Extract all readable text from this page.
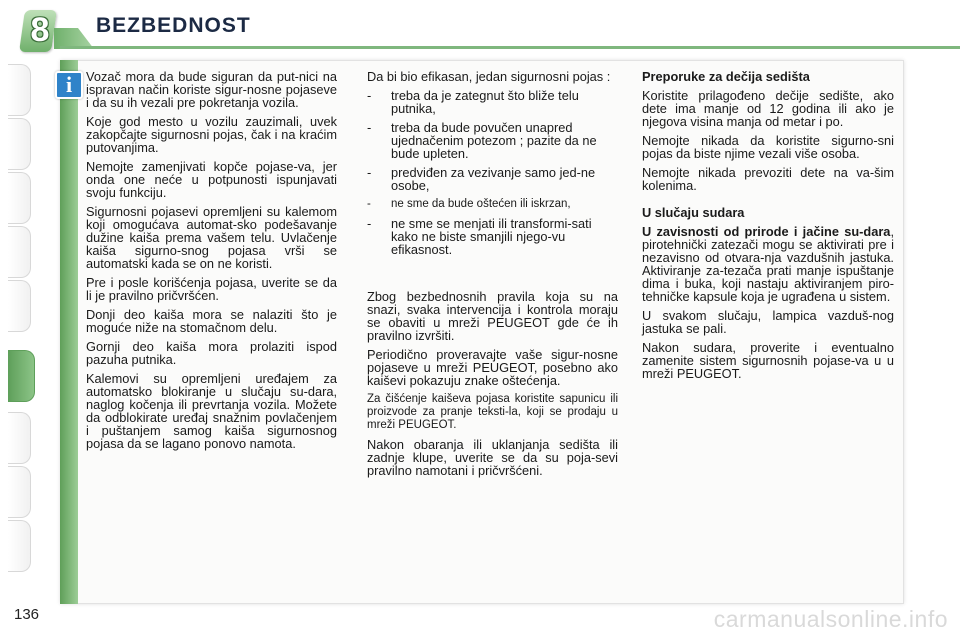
8 BEZBEDNOST
i	Vozač mora da bude siguran da put-nici na ispravan način koriste sigur-nosne pojaseve i da su ih vezali pre pokretanja vozila.

Koje god mesto u vozilu zauzimali, uvek zakopčajte sigurnosni pojas, čak i na kraćim putovanjima.

Nemojte zamenjivati kopče pojase-va, jer onda one neće u potpunosti ispunjavati svoju funkciju.

Sigurnosni pojasevi opremljeni su kalemom koji omogućava automat-sko podešavanje dužine kaiša prema vašem telu. Uvlačenje kaiša sigurno-snog pojasa vrši se automatski kada se on ne koristi.

Pre i posle korišćenja pojasa, uverite se da li je pravilno pričvršćen.

Donji deo kaiša mora se nalaziti što je moguće niže na stomačnom delu.

Gornji deo kaiša mora prolaziti ispod pazuha putnika.

Kalemovi su opremljeni uređajem za automatsko blokiranje u slučaju su-dara, naglog kočenja ili prevrtanja vozila. Možete da odblokirate uređaj snažnim povlačenjem i puštanjem samog kaiša sigurnosnog pojasa da se lagano ponovo namota.

Da bi bio efikasan, jedan sigurnosni pojas :

- treba da je zategnut što bliže telu putnika,
- treba da bude povučen unapred ujednačenim potezom ; pazite da ne bude upleten.
- predviđen za vezivanje samo jed-ne osobe,
- ne sme da bude oštećen ili iskrzan,
- ne sme se menjati ili transformi-sati kako ne biste smanjili njego-vu efikasnost.

Zbog bezbednosnih pravila koja su na snazi, svaka intervencija i kontrola moraju se obaviti u mreži PEUGEOT gde će ih pravilno izvršiti.

Periodično proveravajte vaše sigur-nosne pojaseve u mreži PEUGEOT, posebno ako kaiševi pokazuju znake oštećenja.

Za čišćenje kaiševa pojasa koristite sapunicu ili proizvode za pranje teksti-la, koji se prodaju u mreži PEUGEOT.

Nakon obaranja ili uklanjanja sedišta ili zadnje klupe, uverite se da su poja-sevi pravilno namotani i pričvršćeni.

Preporuke za dečija sedišta

Koristite prilagođeno dečije sedište, ako dete ima manje od 12 godina ili ako je njegova visina manja od metar i po.

Nemojte nikada da koristite sigurno-sni pojas da biste njime vezali više osoba.

Nemojte nikada prevoziti dete na va-šim kolenima.

U slučaju sudara

U zavisnosti od prirode i jačine su-dara, pirotehnički zatezači mogu se aktivirati pre i nezavisno od otvara-nja vazdušnih jastuka. Aktiviranje za-tezača prati manje ispuštanje dima i buka, koji nastaju aktiviranjem piro-tehničke kapsule koja je ugrađena u sistem.

U svakom slučaju, lampica vazduš-nog jastuka se pali.

Nakon sudara, proverite i eventualno zamenite sistem sigurnosnih pojase-va u u mreži PEUGEOT.

136	carmanualsonline.info
